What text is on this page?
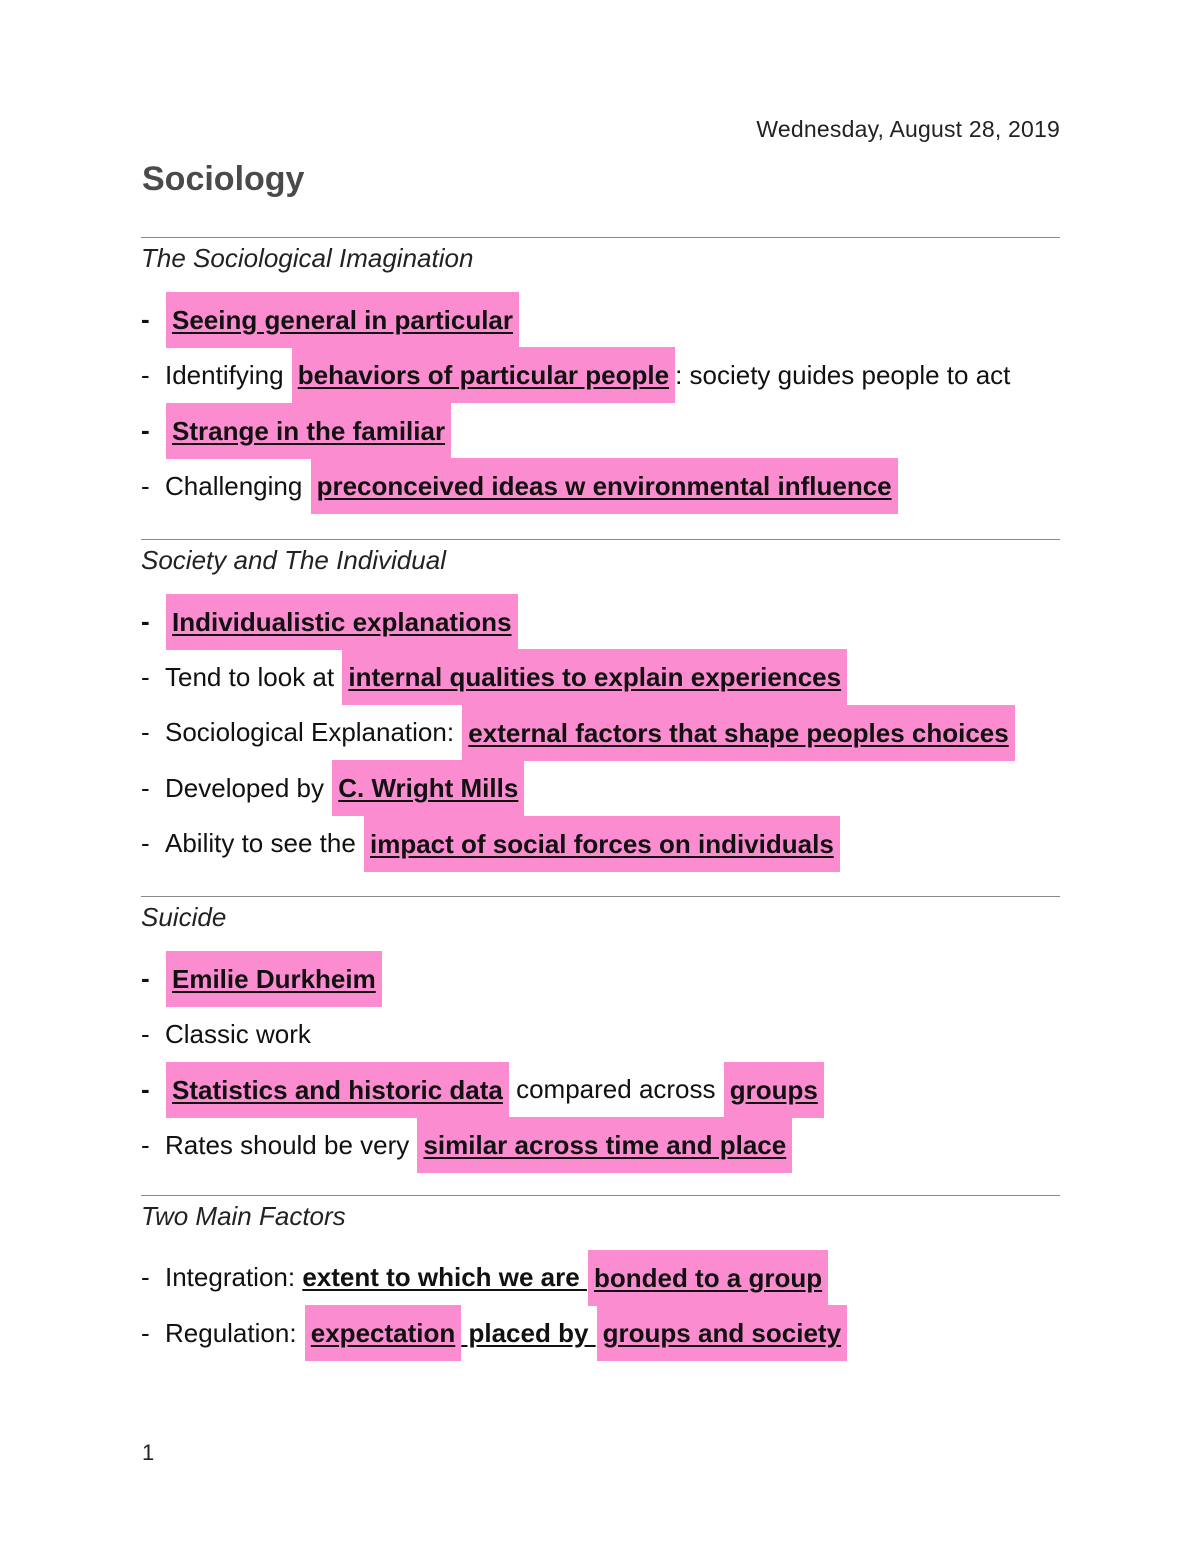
Wednesday, August 28, 2019
Sociology
The Sociological Imagination
- Seeing general in particular
- Identifying behaviors of particular people : society guides people to act
- Strange in the familiar
- Challenging preconceived ideas w environmental influence
Society and The Individual
- Individualistic explanations
- Tend to look at internal qualities to explain experiences
- Sociological Explanation: external factors that shape peoples choices
- Developed by C. Wright Mills
- Ability to see the impact of social forces on individuals
Suicide
- Emilie Durkheim
- Classic work
- Statistics and historic data compared across groups
- Rates should be very similar across time and place
Two Main Factors
- Integration: extent to which we are bonded to a group
- Regulation: expectation placed by groups and society
1
